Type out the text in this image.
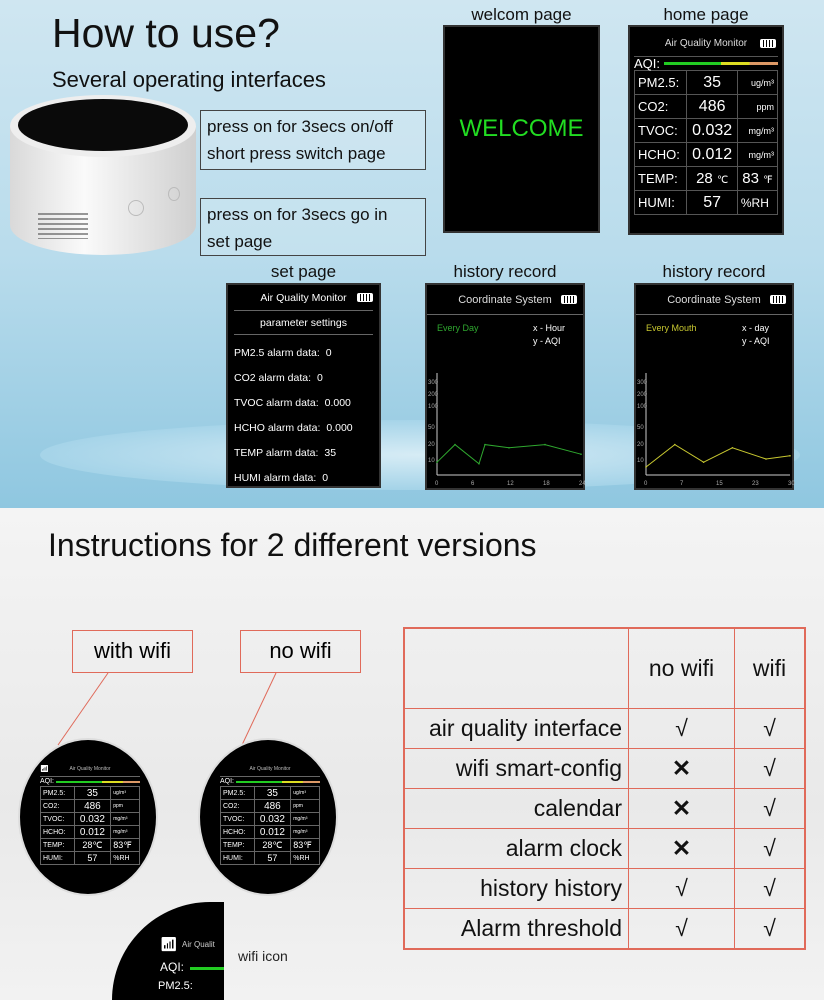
How to use?
Several operating interfaces
press on for 3secs on/off
short press switch page
press on for 3secs go in
set page
welcom page
WELCOME
home page
Air Quality Monitor
AQI:
PM2.5:	35	ug/m³
CO2:	486	ppm
TVOC:	0.032	mg/m³
HCHO:	0.012	mg/m³
TEMP:	28 ℃	83 ℉
HUMI:	57	%RH
set page
Air Quality Monitor
parameter settings
PM2.5 alarm data: 0
CO2 alarm data: 0
TVOC alarm data: 0.000
HCHO alarm data: 0.000
TEMP alarm data: 35
HUMI alarm data: 0
history record
Coordinate System
Every Day	x - Hour
y - AQI
10
20
50
100
200
300
0	6	12	18	24
history record
Coordinate System
Every Mouth	x - day
y - AQI
10
20
50
100
200
300
0	7	15	23	30
Instructions for 2 different versions
with wifi	no wifi
📶︎	Air Quality Monitor
AQI:
PM2.5:	35	ug/m³
CO2:	486	ppm
TVOC:	0.032	mg/m³
HCHO:	0.012	mg/m³
TEMP:	28℃	83℉
HUMI:	57	%RH
Air Quality Monitor
AQI:
PM2.5:	35	ug/m³
CO2:	486	ppm
TVOC:	0.032	mg/m³
HCHO:	0.012	mg/m³
TEMP:	28℃	83℉
HUMI:	57	%RH
📶︎ Air Qualit
AQI:
PM2.5:
wifi icon
	no wifi	wifi
air quality interface	√	√
wifi smart-config	✕	√
calendar	✕	√
alarm clock	✕	√
history history	√	√
Alarm threshold	√	√
